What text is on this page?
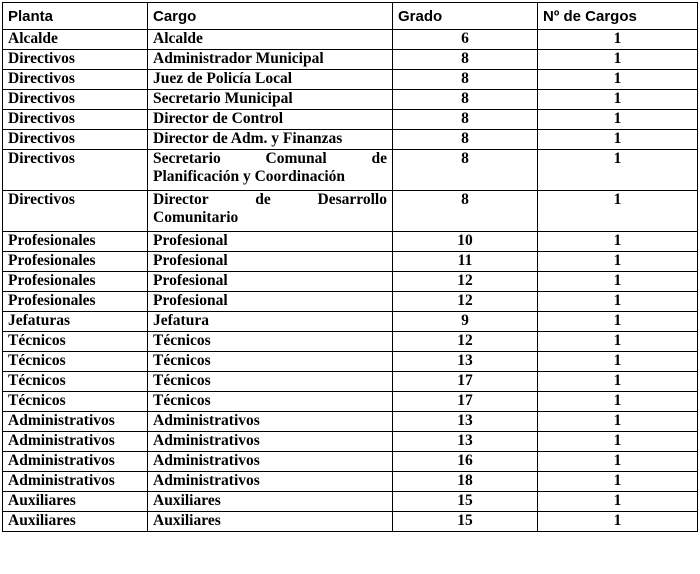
Planta	Cargo	Grado	Nº de Cargos
Alcalde	Alcalde	6	1
Directivos	Administrador Municipal	8	1
Directivos	Juez de Policía Local	8	1
Directivos	Secretario Municipal	8	1
Directivos	Director de Control	8	1
Directivos	Director de Adm. y Finanzas	8	1
Directivos	Secretario Comunal de Planificación y Coordinación	8	1
Directivos	Director de Desarrollo Comunitario	8	1
Profesionales	Profesional	10	1
Profesionales	Profesional	11	1
Profesionales	Profesional	12	1
Profesionales	Profesional	12	1
Jefaturas	Jefatura	9	1
Técnicos	Técnicos	12	1
Técnicos	Técnicos	13	1
Técnicos	Técnicos	17	1
Técnicos	Técnicos	17	1
Administrativos	Administrativos	13	1
Administrativos	Administrativos	13	1
Administrativos	Administrativos	16	1
Administrativos	Administrativos	18	1
Auxiliares	Auxiliares	15	1
Auxiliares	Auxiliares	15	1
